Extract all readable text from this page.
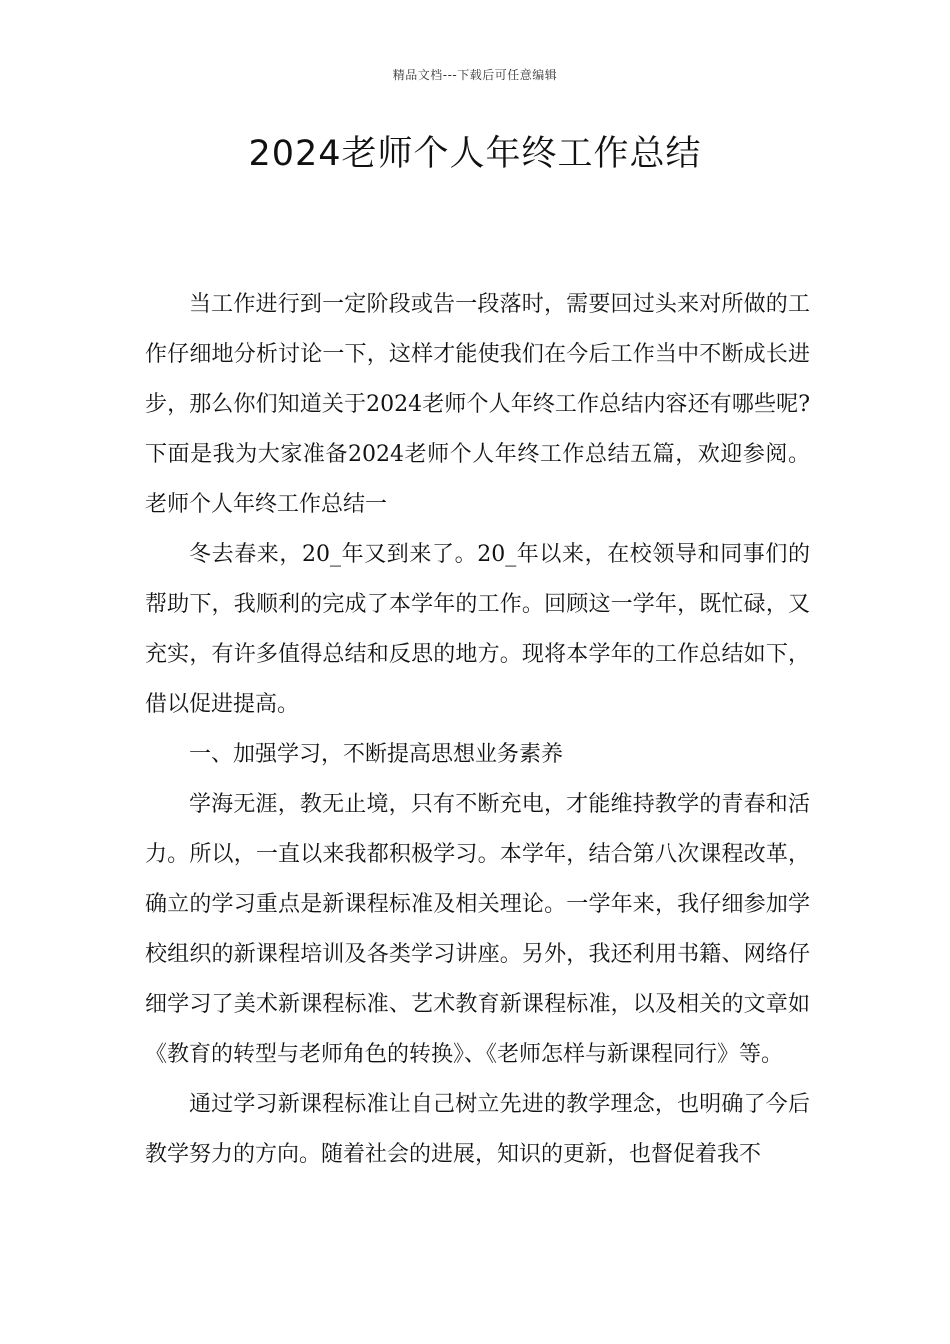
精品文档---下载后可任意编辑
2024老师个人年终工作总结

当工作进行到一定阶段或告一段落时，需要回过头来对所做的工作仔细地分析讨论一下，这样才能使我们在今后工作当中不断成长进步，那么你们知道关于2024老师个人年终工作总结内容还有哪些呢?下面是我为大家准备2024老师个人年终工作总结五篇，欢迎参阅。老师个人年终工作总结一

冬去春来，20_年又到来了。20_年以来，在校领导和同事们的帮助下，我顺利的完成了本学年的工作。回顾这一学年，既忙碌，又充实，有许多值得总结和反思的地方。现将本学年的工作总结如下，借以促进提高。

一、加强学习，不断提高思想业务素养

学海无涯，教无止境，只有不断充电，才能维持教学的青春和活力。所以，一直以来我都积极学习。本学年，结合第八次课程改革，确立的学习重点是新课程标准及相关理论。一学年来，我仔细参加学校组织的新课程培训及各类学习讲座。另外，我还利用书籍、网络仔细学习了美术新课程标准、艺术教育新课程标准，以及相关的文章如《教育的转型与老师角色的转换》、《老师怎样与新课程同行》等。

通过学习新课程标准让自己树立先进的教学理念，也明确了今后教学努力的方向。随着社会的进展，知识的更新，也督促着我不
